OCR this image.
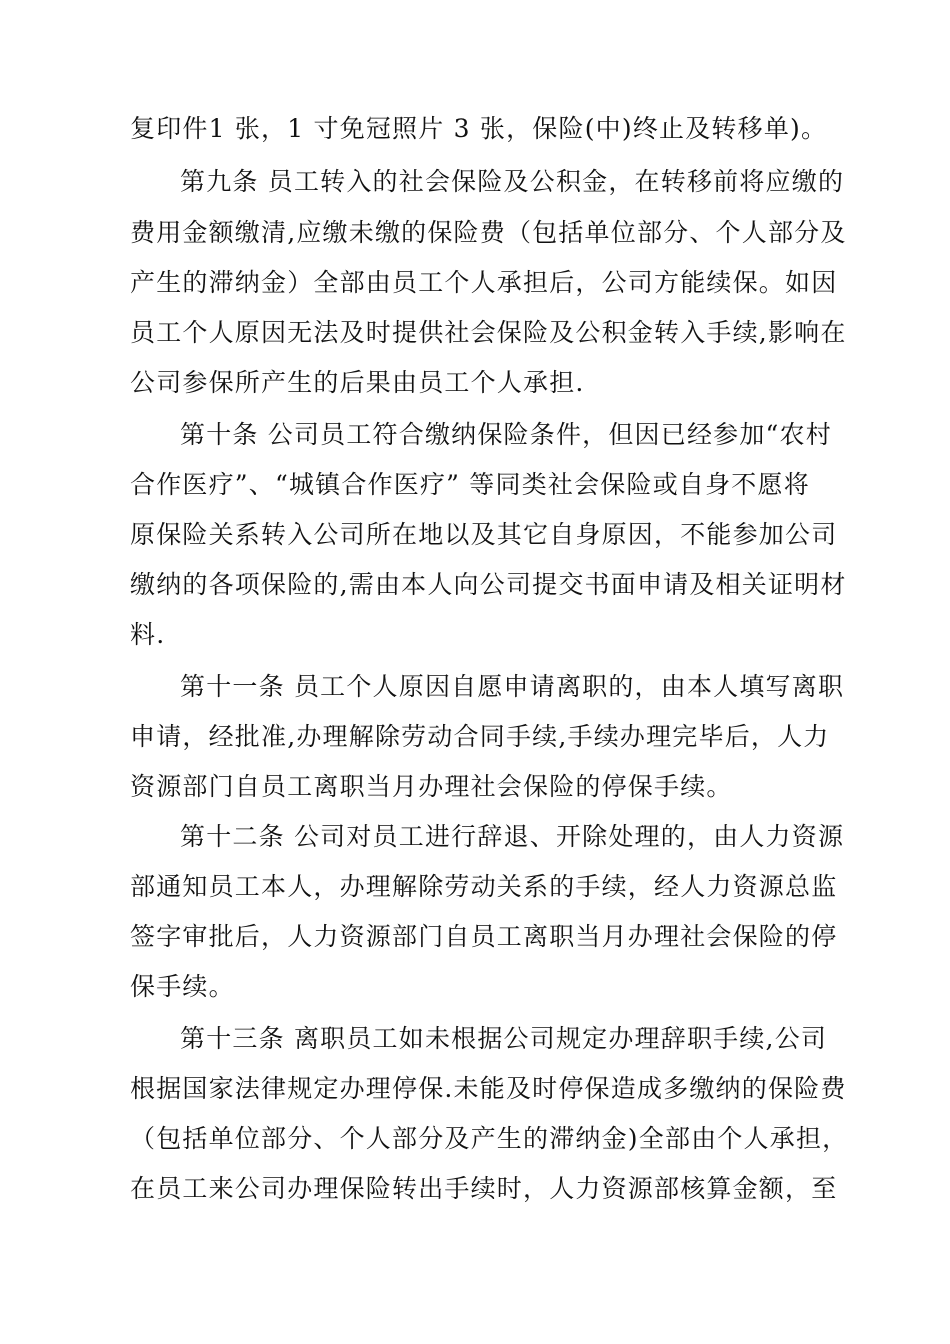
复印件1 张，1 寸免冠照片 3 张，保险(中)终止及转移单)。
第九条 员工转入的社会保险及公积金，在转移前将应缴的
费用金额缴清,应缴未缴的保险费（包括单位部分、个人部分及
产生的滞纳金）全部由员工个人承担后，公司方能续保。如因
员工个人原因无法及时提供社会保险及公积金转入手续,影响在
公司参保所产生的后果由员工个人承担.
第十条 公司员工符合缴纳保险条件，但因已经参加“农村
合作医疗”、“城镇合作医疗” 等同类社会保险或自身不愿将
原保险关系转入公司所在地以及其它自身原因，不能参加公司
缴纳的各项保险的,需由本人向公司提交书面申请及相关证明材
料.
第十一条 员工个人原因自愿申请离职的，由本人填写离职
申请，经批准,办理解除劳动合同手续,手续办理完毕后，人力
资源部门自员工离职当月办理社会保险的停保手续。
第十二条 公司对员工进行辞退、开除处理的，由人力资源
部通知员工本人，办理解除劳动关系的手续，经人力资源总监
签字审批后，人力资源部门自员工离职当月办理社会保险的停
保手续。
第十三条 离职员工如未根据公司规定办理辞职手续,公司
根据国家法律规定办理停保.未能及时停保造成多缴纳的保险费
（包括单位部分、个人部分及产生的滞纳金)全部由个人承担，
在员工来公司办理保险转出手续时，人力资源部核算金额，至
